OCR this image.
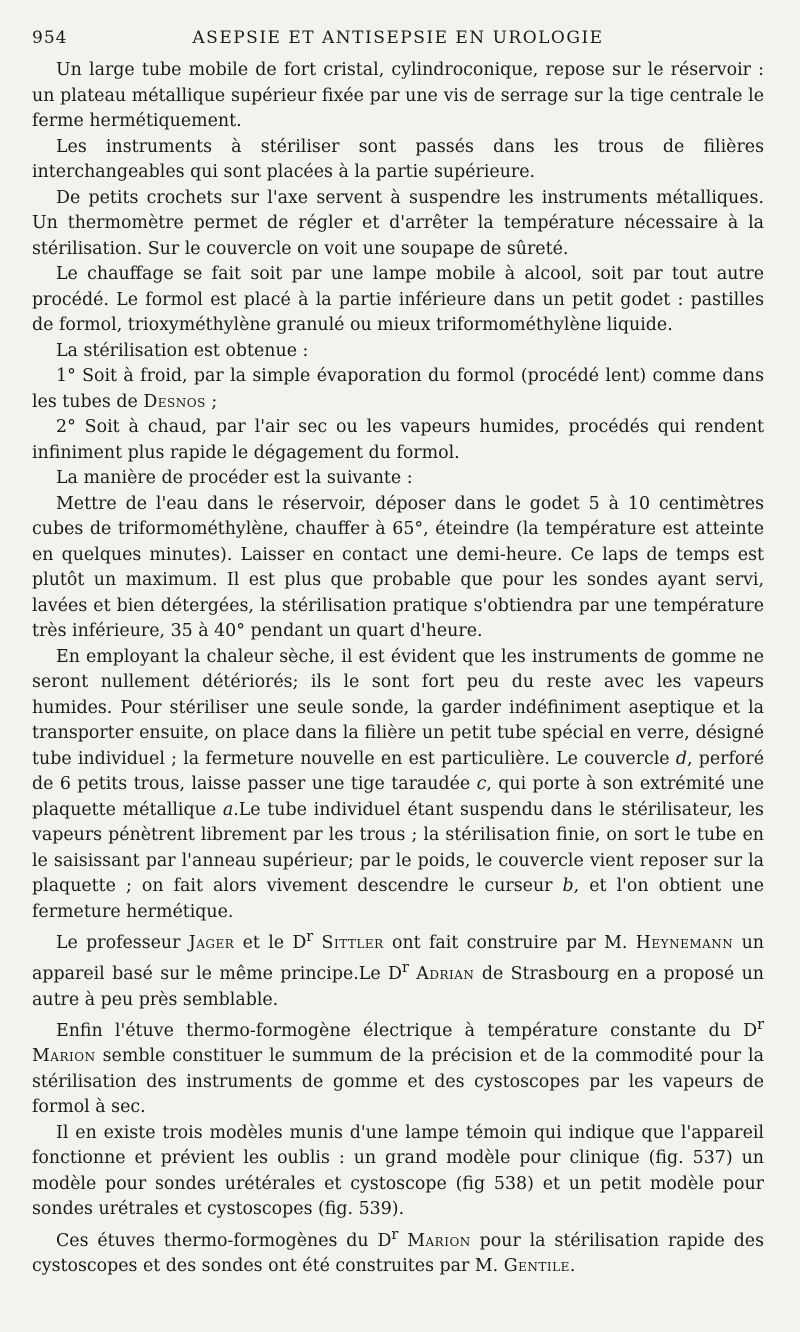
954	ASEPSIE ET ANTISEPSIE EN UROLOGIE

Un large tube mobile de fort cristal, cylindroconique, repose sur le réservoir : un plateau métallique supérieur fixée par une vis de serrage sur la tige centrale le ferme hermétiquement.

Les instruments à stériliser sont passés dans les trous de filières interchangeables qui sont placées à la partie supérieure.

De petits crochets sur l'axe servent à suspendre les instruments métalliques. Un thermomètre permet de régler et d'arrêter la température nécessaire à la stérilisation. Sur le couvercle on voit une soupape de sûreté.

Le chauffage se fait soit par une lampe mobile à alcool, soit par tout autre procédé. Le formol est placé à la partie inférieure dans un petit godet : pastilles de formol, trioxyméthylène granulé ou mieux triformométhylène liquide.

La stérilisation est obtenue :

1° Soit à froid, par la simple évaporation du formol (procédé lent) comme dans les tubes de Desnos ;

2° Soit à chaud, par l'air sec ou les vapeurs humides, procédés qui rendent infiniment plus rapide le dégagement du formol.

La manière de procéder est la suivante :

Mettre de l'eau dans le réservoir, déposer dans le godet 5 à 10 centimètres cubes de triformométhylène, chauffer à 65°, éteindre (la température est atteinte en quelques minutes). Laisser en contact une demi-heure. Ce laps de temps est plutôt un maximum. Il est plus que probable que pour les sondes ayant servi, lavées et bien détergées, la stérilisation pratique s'obtiendra par une température très inférieure, 35 à 40° pendant un quart d'heure.

En employant la chaleur sèche, il est évident que les instruments de gomme ne seront nullement détériorés; ils le sont fort peu du reste avec les vapeurs humides. Pour stériliser une seule sonde, la garder indéfiniment aseptique et la transporter ensuite, on place dans la filière un petit tube spécial en verre, désigné tube individuel ; la fermeture nouvelle en est particulière. Le couvercle d, perforé de 6 petits trous, laisse passer une tige taraudée c, qui porte à son extrémité une plaquette métallique a.Le tube individuel étant suspendu dans le stérilisateur, les vapeurs pénètrent librement par les trous ; la stérilisation finie, on sort le tube en le saisissant par l'anneau supérieur; par le poids, le couvercle vient reposer sur la plaquette ; on fait alors vivement descendre le curseur b, et l'on obtient une fermeture hermétique.

Le professeur Jager et le $D^r$ Sittler ont fait construire par M. Heynemann un appareil basé sur le même principe.Le $D^r$ Adrian de Strasbourg en a proposé un autre à peu près semblable.

Enfin l'étuve thermo-formogène électrique à température constante du $D^r$ Marion semble constituer le summum de la précision et de la commodité pour la stérilisation des instruments de gomme et des cystoscopes par les vapeurs de formol à sec.

Il en existe trois modèles munis d'une lampe témoin qui indique que l'appareil fonctionne et prévient les oublis : un grand modèle pour clinique (fig. 537) un modèle pour sondes urétérales et cystoscope (fig 538) et un petit modèle pour sondes urétrales et cystoscopes (fig. 539).

Ces étuves thermo-formogènes du $D^r$ Marion pour la stérilisation rapide des cystoscopes et des sondes ont été construites par M. Gentile.
